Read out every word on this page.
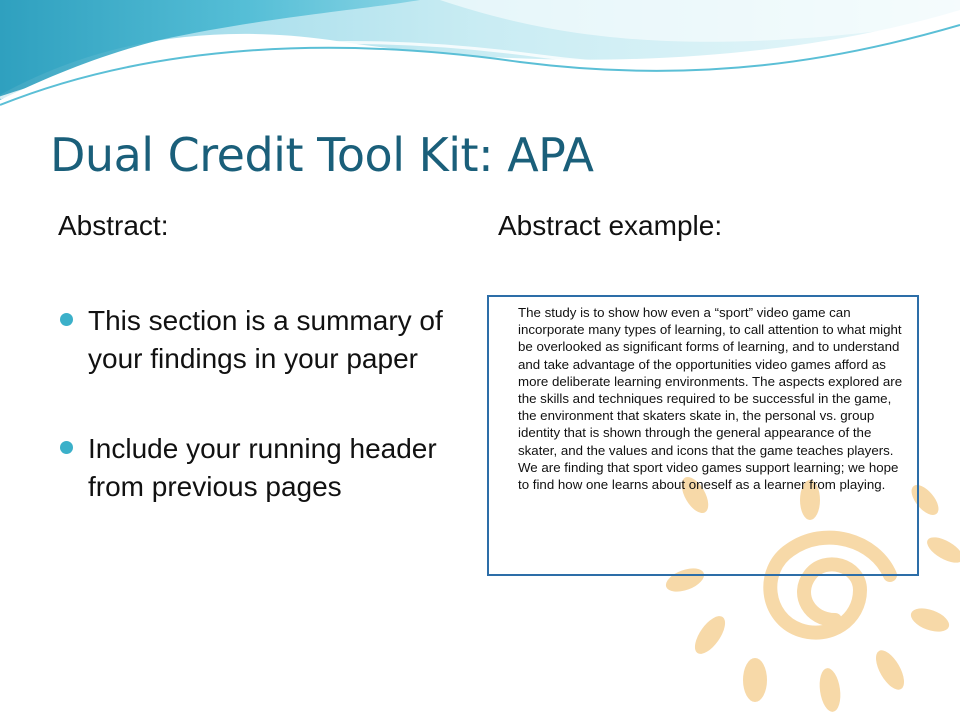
Dual Credit Tool Kit: APA
Abstract:	Abstract example:
This section is a summary of your findings in your paper
Include your running header from previous pages

The study is to show how even a “sport” video game can incorporate many types of learning, to call attention to what might be overlooked as significant forms of learning, and to understand and take advantage of the opportunities video games afford as more deliberate learning environments. The aspects explored are the skills and techniques required to be successful in the game, the environment that skaters skate in, the personal vs. group identity that is shown through the general appearance of the skater, and the values and icons that the game teaches players. We are finding that sport video games support learning; we hope to find how one learns about oneself as a learner from playing.
